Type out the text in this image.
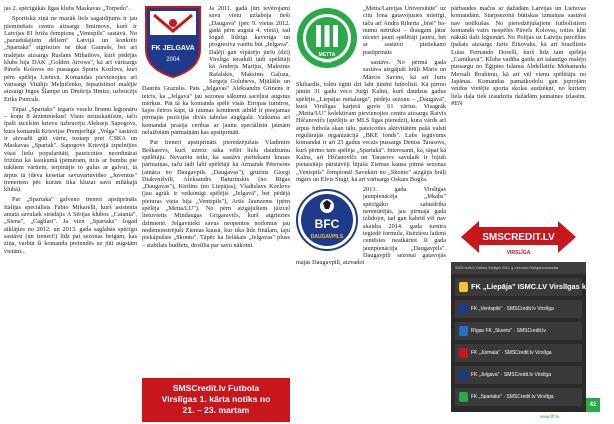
jas 2. spēcīgākās līgas klubs Maskavas „Torpedo".

Sportiskā ziņā ne mazāk liels sagaidījums ir jau pieminētais centra aizsargs Smirnovs, kurš ir Latvijas 81 brīža čempions „Ventspils" sastāvā. No „pazudušajiem dēliem" Latvijā un konkrēti „Spartakā" atgriezies ne tikai Gaurašs, bet arī malējais aizsargs Ruslans Mihailovs, kurš pēdējās klubs bija DAK „Golden Arrows", kā arī vārtsargs Pāvels Kolovss no pussagas Sports Kozlovs, kuri pēm spēlēja Lietuvā. Komandas pievienojies arī vārtsargs Vitālijs Meļņičenko, Iepazīstinot malējie aizsargi Ingus Šlampe un Dmitrijs Hmizs, uzbrucējs Eriks Punculs.

Tāpat „Spartaks" iegaris veselu līrumu leģionāru – koņu 8 ārzemniekus! Visus neuzskaitīsim, tačo īpaši izcelsim krievu uzbrucēju Aleksejs Sapogovs, kura komandā Krievijas Premjerlīgā „Volga" sastāvā ir aizvadīt gūti vārtu, tostarp pret CSKA un Maskavas „Spartak". Sapogovs Krievijā izpelnījies visai lielu popularitāti, pateicoties neordinārai frizūrai kā lasukumā (pēmēram, ticis ar bumbu pie tukšiem vārtiem, ierpinājis to gulus ar galvu), tā ārpus tā (deva kesetiar savuvārtuvideo „Juventus" treneriem pēc kurām tika kluzat savā mīlākajā klubā).

Par „Spartaka" galveno treneri apstiprināts Itālijas speciālists Fabio Mikarelli, kurš asistenta amatā savulaik strādājis A Sērijas klubos „Catania", „Siena", „Cagliari". Ja vien „Spartaks" šogad atklājies no 2012. un 2013. gada saglabās spēcīgu sastāvu (un treneri!) līdz pat sezonas beigām, kas ziņa, varbūt šī komanda pretendēs uz jūtī augstām vietām...

FK JELGAVA
2004

Ja 2011. gadā jūrt ievērojami savu vietu uzšaboja tieši „Daugava" (pēc 9. vietas 2012. gadā pērn augstā 4. vietā), tad šogad līdzīgi kaverīga un progresīva varētu būt „Jelgava". Daļēji gan vīpārējo jūrlu (dzī) Virsliga ieraduši tādi spēlētāji kā Andrejs Marijus, Maksims Rafalskis, Maksims Gaļuza, Sergejs Golubevs, Mjūlāšis un Daurits Grazulis. Pats „Jelgavas" Aleksandrs Grinens ir teicis, ka „Jelgava" jau sezonas sākumu sacēļusi augstus mērķus. Pāt tā ka komanda spēlē visās Eiropas turnīros, šajos četros kāpt, tā raumas kontinent atbild ir pieejamas pirmajās pozīcijās divās tabulas augšgalā. Vaikuma arī komandai prasīja cerības ar jaunu speciālistu jaunām nelaižotām pārmaiņām kas apstiprināti.

Par treneri apstiprināts pieredzējušais Vladimirs Beškarevs, kurš uzreiz sāka vēlēt lielu daudzumu spēlētāju. Nevarētu teikt, ka sastāvs pietiekami krasas pārmaiņas, taču tādi labi spēlētāji kā Armands Pētersons (atnāca no Daugavpils „Daugavas"), gruzīns Giorgi Diakvnišvili, Aleksandrs Baturinskis (no Rīgas „Daugavas"), Kirilins (no Liepājas), Vladislavs Kozlovs (jau agrāk ir veiksmīgi spēlējis „Jelgavā", bet pēdējā pieturas vieta bija „Ventspils"), Artis Jaunzems (pērn spēlēja „Metta/LU"). No pērn aizgājušiem jāizcel lietuvietis Mindaugas Grigaravičs, kurš atgriezies dzimtenē. Jelgavnieki savus neopentos nodomus jau nodemonstrējuši Ziemas kausā, kur tika līdz finālam, taju piekāpušies „Skonto". Tāpēc ka lielākais „Jelgavas" pluss – stabilais budžets, drošība par savu nākotni.

METTA
2006

„Metta/Latvijas Universitāte" uz citu fona gatavojusies mierīgi, taču arī Andra Riherta „bīsē" banumu netrūkst – draugam jātur nicetri jauni spēlētāji jautru, bet ar sastāvu pietiekami pastiprināts

sastāvs. No pērmā gada sastāva aizgājuši brāļi Māris un Mārcis Savins, kā arī Juris Skibardis, tolēu ēgūti dzī labi jūnēni futbolisti. Kā pirmo jāmin 31 gadu veco Jurģi Kalnu, kurš daudzus gadus spēlējis „Liepājas metalurgā", pēdējo sezonu – „Daugavā", kurā Virslīgas karjerā guvis 61 vārtus. Visagrāk „Metta/LU" kolektīvam pievienojies centra aizsargs Raivis Hščanovičs (spēlējis ar MLS līgas pieredzi), kura vārds arī ārpus futbola skan tālu, pateicoties aktivitātēm pašā valstī regulārajās organizācijā „BKE fonds". Labs iegūvums komandai ir arī 23 gadus vecais pussargs Deniss Tarasovs, kurš pērmo tam spēlēja „Spartakā". Interesanti, ka, tāpat kā Kalns, arī Hščanovičs un Tarasovs savulaik ir bijuši pietaisītājs pārstāvēji bijušā Ziemas kausa pirmā sezonas „Ventspils" čempionā! Savukārt no „Skonto" aizgājis brāļi ingars un Elvis Stuģi, kā arī vārtsargs Oskars Bogža.

BFC
DAUGAVPILS

2013. gada Virslīgas jaunpienācēja „Jēkabs" spēcīgāko sabiedriba nenotūrējās, jau pirmajā gadā izlidojot, tad gan kabrīd vēl nav skaidra 2014. gada turnīra tegiedē formula, šīsēziesu laikmi centēsies neatkārtot šī gada jaunpienācēja „Daugavpils". Daugavpilī sezonai gatavojās mājās Daugavpilī, aizvadot

pārbaudes mačus ar dažādām Latvijas un Lietuvas komandām. Starpsezonā būtiskas izmaiņas sastāvā nav notikušas. No pieredzējušajiem futbolistiem komandā vairs nespēlēs Pāvels Kolovss, toties klāt nākuši daži leģionāri. No Polijas uz Latviju pārcēlies īpašais aizsargs Juris Ēinovaks, kā arī brazīlietis Luiss Fernando Dorelli, kurš līdz tam spēlēja „Carnikavā". Kluba vadība gaida arī talantīgo malējo pussargu no Ēģiptes Islamu Abdellatifu Mohamedu Mersali Ibrahimu, kā arī vēl vienu spēlētāju no Japānas. Komandas pamatkodolu gan joprojām veidos vietējie sporta skolas audzēkņi, no kuriem liela daļa tiek izaudzēta dažādām jaunatnes izlasēm. #EN

SMSCREDIT.LV
VIRSLĪGA
SMSCredit.lv Futbola Virslīgas 2014. g. sezonas Virslīgas komandas
FK „Liepāja" ISMC.LV Virslīgas komanda
FK „Ventspils" · SMSCredit.lv Virslīga
Rīgas FK „Skonto" · SMSCredit.lv
FK „Jūrmala" · SMSCredit.lv Virslīga
FK „Jelgava" · SMSCredit.lv Virslīga
FK „Spartaks" · SMSCredit.lv Virslīga
SMSCredit.lv Futbola
Virslīgas 1. kārta notiks no
21. – 23. martam	42
www.lff.lv
